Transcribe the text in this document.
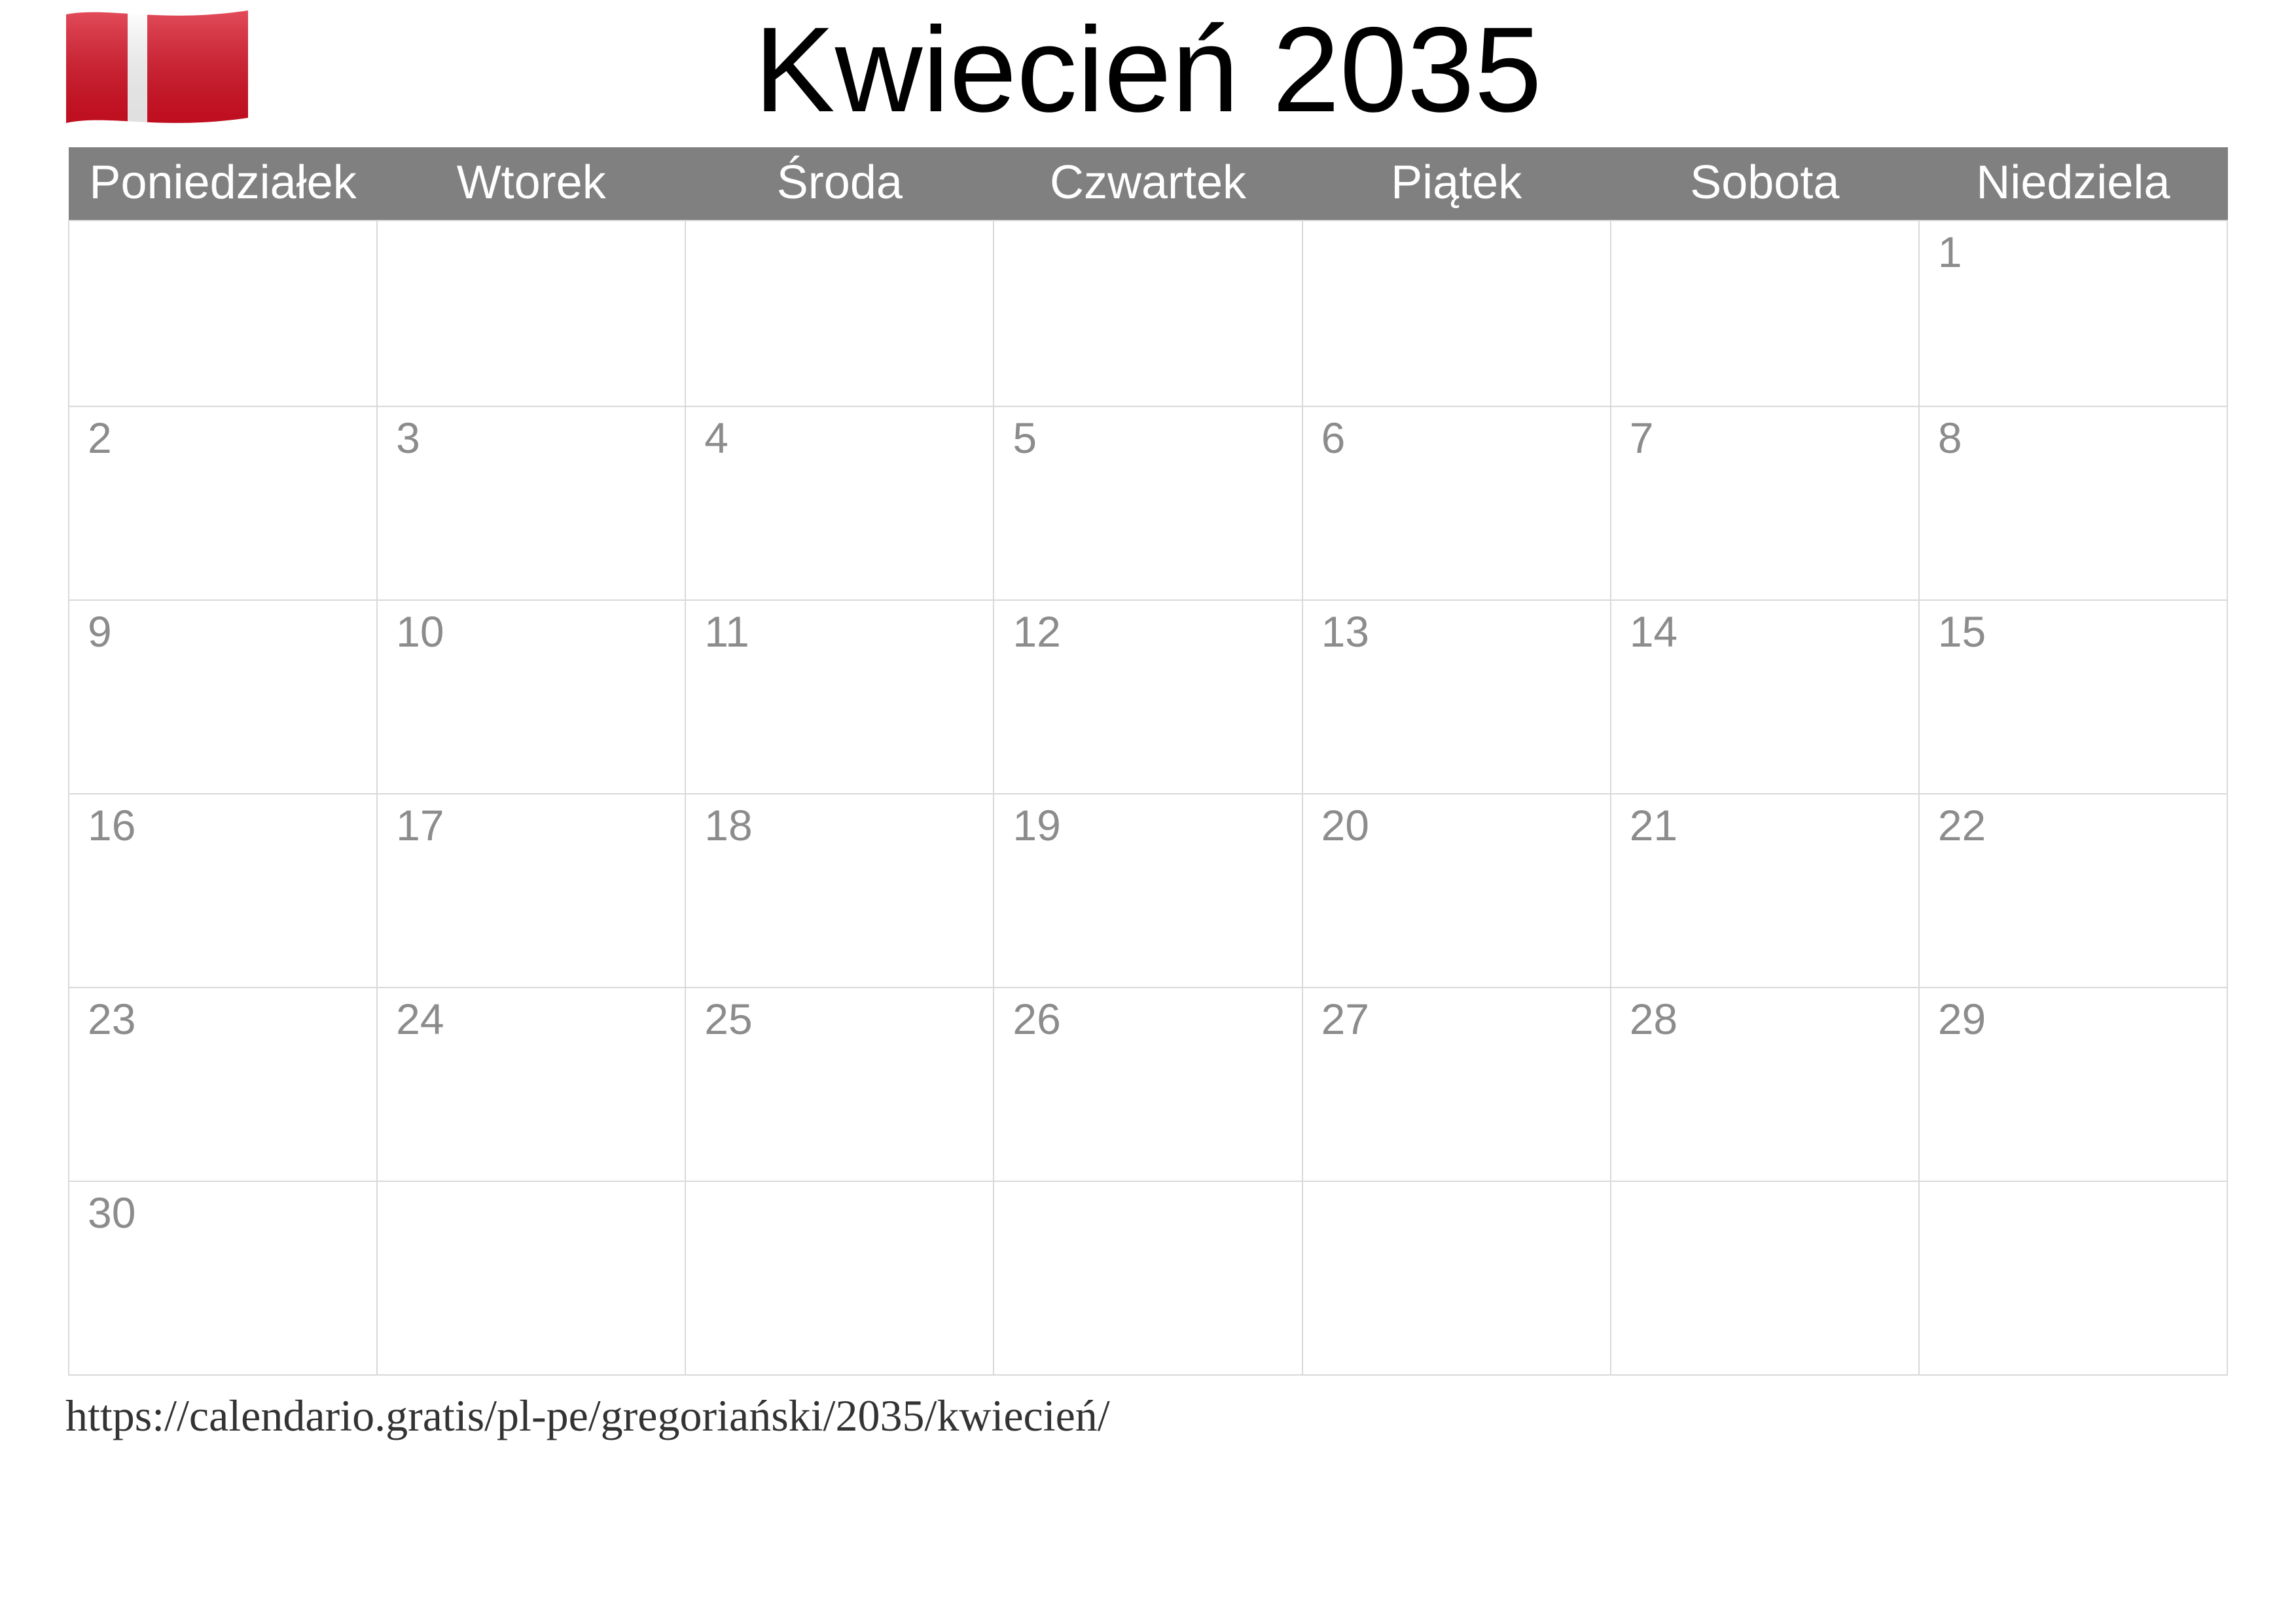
Kwiecień 2035
Poniedziałek	Wtorek	Środa	Czwartek	Piątek	Sobota	Niedziela
						1
2	3	4	5	6	7	8
9	10	11	12	13	14	15
16	17	18	19	20	21	22
23	24	25	26	27	28	29
30						
https://calendario.gratis/pl-pe/gregoriański/2035/kwiecień/
